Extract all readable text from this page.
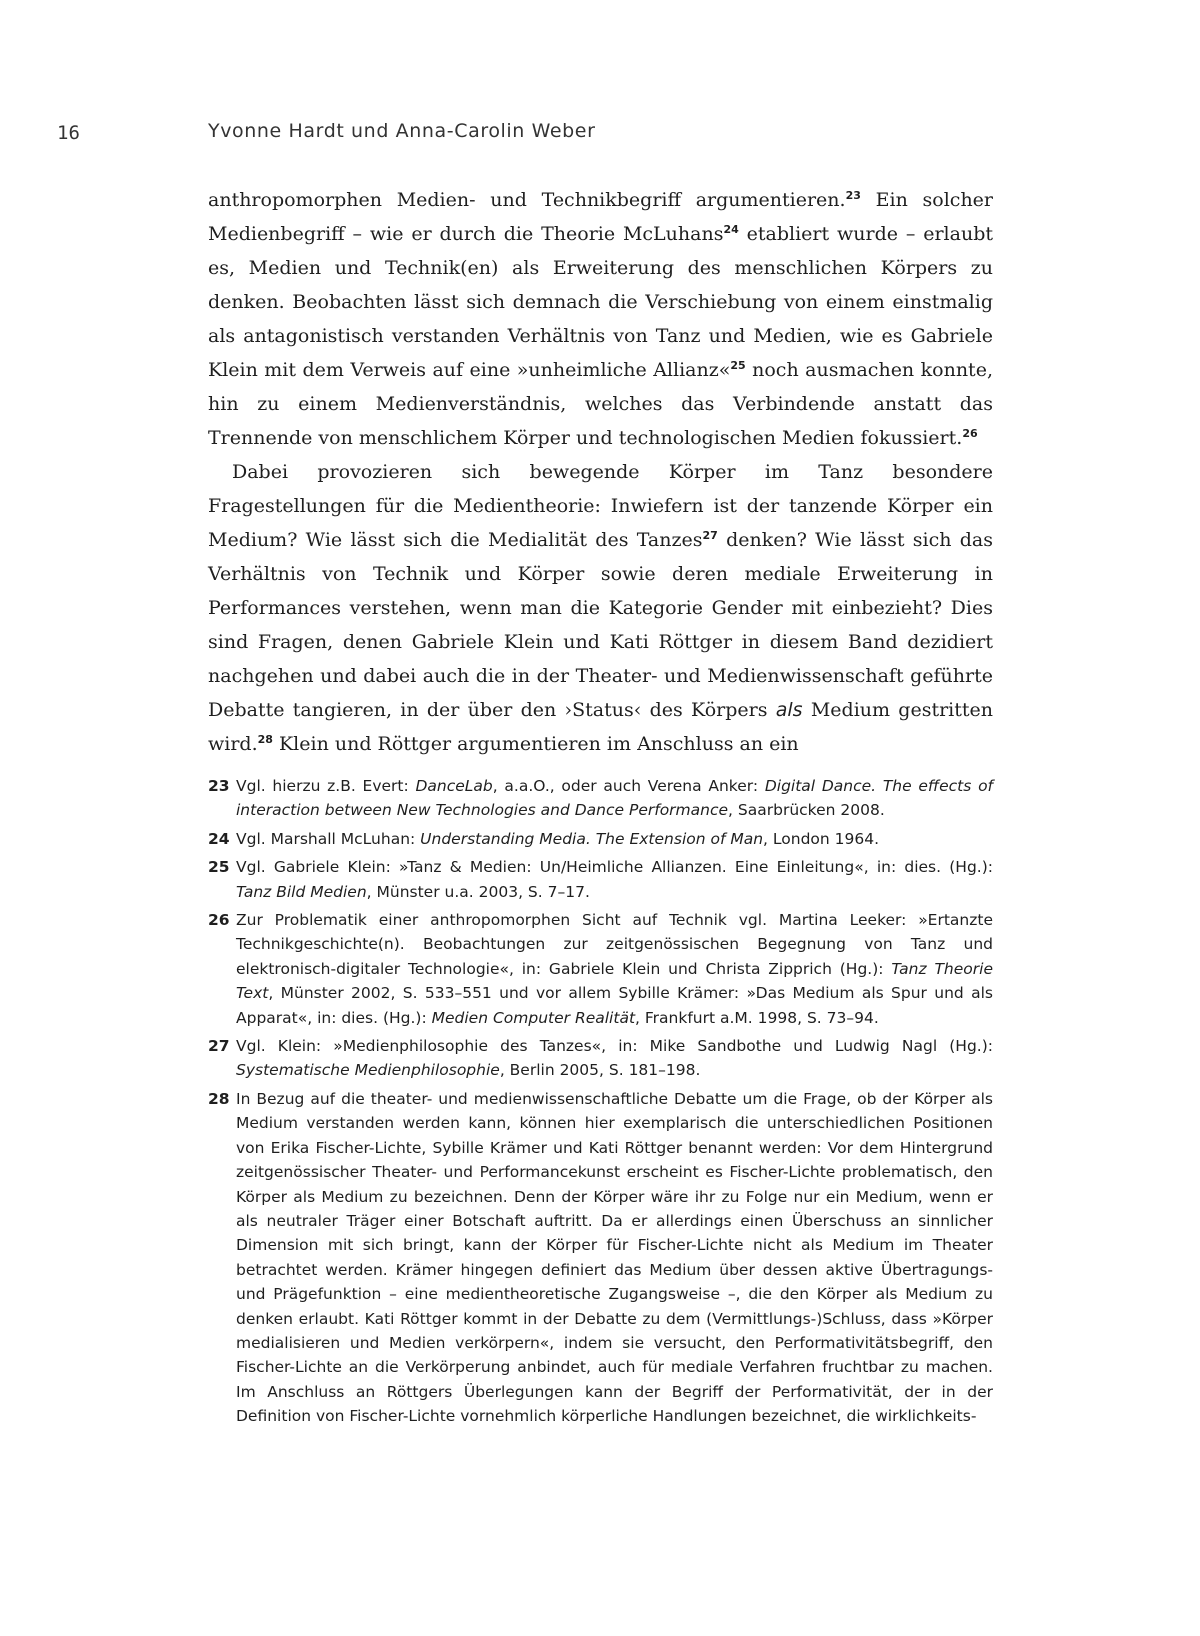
16	Yvonne Hardt und Anna-Carolin Weber

anthropomorphen Medien- und Technikbegriff argumentieren.$^{23}$ Ein solcher Medienbegriff – wie er durch die Theorie McLuhans$^{24}$ etabliert wurde – erlaubt es, Medien und Technik(en) als Erweiterung des menschlichen Körpers zu denken. Beobachten lässt sich demnach die Verschiebung von einem einstmalig als antagonistisch verstanden Verhältnis von Tanz und Medien, wie es Gabriele Klein mit dem Verweis auf eine »unheimliche Allianz«$^{25}$ noch ausmachen konnte, hin zu einem Medienverständnis, welches das Verbindende anstatt das Trennende von menschlichem Körper und technologischen Medien fokussiert.$^{26}$

Dabei provozieren sich bewegende Körper im Tanz besondere Fragestellungen für die Medientheorie: Inwiefern ist der tanzende Körper ein Medium? Wie lässt sich die Medialität des Tanzes$^{27}$ denken? Wie lässt sich das Verhältnis von Technik und Körper sowie deren mediale Erweiterung in Performances verstehen, wenn man die Kategorie Gender mit einbezieht? Dies sind Fragen, denen Gabriele Klein und Kati Röttger in diesem Band dezidiert nachgehen und dabei auch die in der Theater- und Medienwissenschaft geführte Debatte tangieren, in der über den ›Status‹ des Körpers als Medium gestritten wird.$^{28}$ Klein und Röttger argumentieren im Anschluss an ein

23 Vgl. hierzu z.B. Evert: DanceLab, a.a.O., oder auch Verena Anker: Digital Dance. The effects of interaction between New Technologies and Dance Performance, Saarbrücken 2008.
24 Vgl. Marshall McLuhan: Understanding Media. The Extension of Man, London 1964.
25 Vgl. Gabriele Klein: »Tanz & Medien: Un/Heimliche Allianzen. Eine Einleitung«, in: dies. (Hg.): Tanz Bild Medien, Münster u.a. 2003, S. 7–17.
26 Zur Problematik einer anthropomorphen Sicht auf Technik vgl. Martina Leeker: »Ertanzte Technikgeschichte(n). Beobachtungen zur zeitgenössischen Begegnung von Tanz und elektronisch-digitaler Technologie«, in: Gabriele Klein und Christa Zipprich (Hg.): Tanz Theorie Text, Münster 2002, S. 533–551 und vor allem Sybille Krämer: »Das Medium als Spur und als Apparat«, in: dies. (Hg.): Medien Computer Realität, Frankfurt a.M. 1998, S. 73–94.
27 Vgl. Klein: »Medienphilosophie des Tanzes«, in: Mike Sandbothe und Ludwig Nagl (Hg.): Systematische Medienphilosophie, Berlin 2005, S. 181–198.
28 In Bezug auf die theater- und medienwissenschaftliche Debatte um die Frage, ob der Körper als Medium verstanden werden kann, können hier exemplarisch die unterschiedlichen Positionen von Erika Fischer-Lichte, Sybille Krämer und Kati Röttger benannt werden: Vor dem Hintergrund zeitgenössischer Theater- und Performancekunst erscheint es Fischer-Lichte problematisch, den Körper als Medium zu bezeichnen. Denn der Körper wäre ihr zu Folge nur ein Medium, wenn er als neutraler Träger einer Botschaft auftritt. Da er allerdings einen Überschuss an sinnlicher Dimension mit sich bringt, kann der Körper für Fischer-Lichte nicht als Medium im Theater betrachtet werden. Krämer hingegen definiert das Medium über dessen aktive Übertragungs- und Prägefunktion – eine medientheoretische Zugangsweise –, die den Körper als Medium zu denken erlaubt. Kati Röttger kommt in der Debatte zu dem (Vermittlungs-)Schluss, dass »Körper medialisieren und Medien verkörpern«, indem sie versucht, den Performativitätsbegriff, den Fischer-Lichte an die Verkörperung anbindet, auch für mediale Verfahren fruchtbar zu machen. Im Anschluss an Röttgers Überlegungen kann der Begriff der Performativität, der in der Definition von Fischer-Lichte vornehmlich körperliche Handlungen bezeichnet, die wirklichkeits-
